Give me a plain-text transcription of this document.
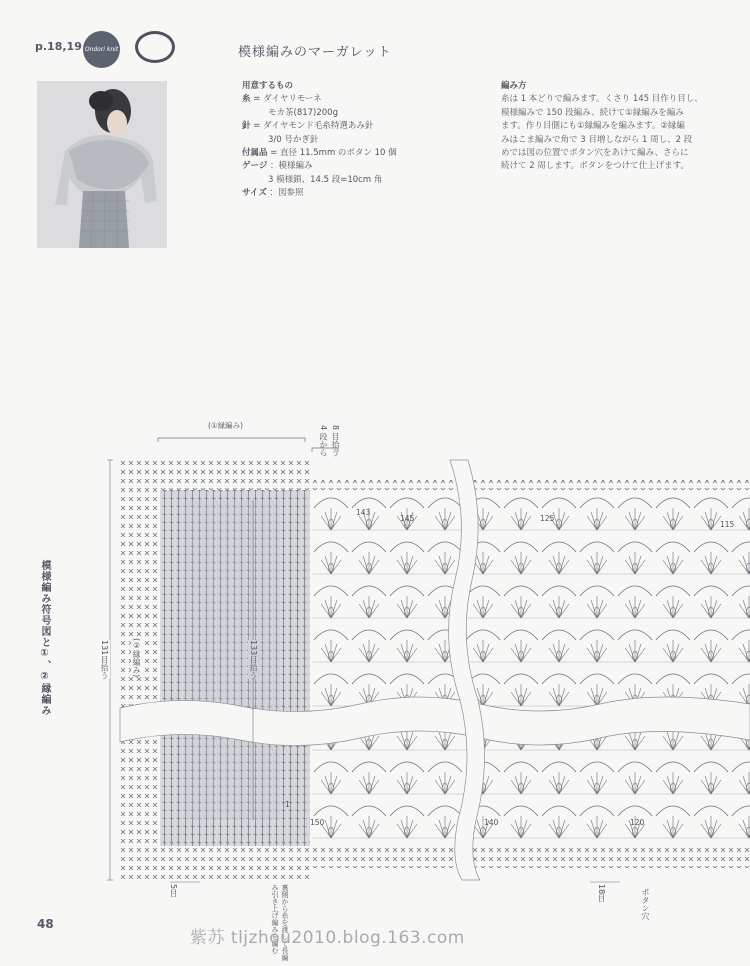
p.18,19 Ondori knit	模様編みのマーガレット
用意するもの
糸 = ダイヤリモーネ
モカ茶(817)200g
針 = ダイヤモンド毛糸特選あみ針
3/0 号かぎ針
付属品 = 直径 11.5mm のボタン 10 個
ゲージ ：模様編み
3 模様鎖、14.5 段=10cm 角
サイズ ：図参照
編み方
糸は 1 本どりで編みます。くさり 145 目作り目し、
模様編みで 150 段編み、続けて①縁編みを編み
ます。作り目側にも①縁編みを編みます。②縁編
みはこま編みで角で 3 目増しながら 1 周し、2 段
めでは図の位置でボタン穴をあけて編み、さらに
続けて 2 周します。ボタンをつけて仕上げます。
模様編み符号図と①、②縁編み
(①縁編み)	4 段から 8 目拾う
131目拾う	133目拾う
(②縁編み)
5目	18目
143
145	125
115
150	140	120
1
裏側から糸を渡して長編み引き上げ編みを編む	ボタン穴
48
紫苏 tljzhou2010.blog.163.com
